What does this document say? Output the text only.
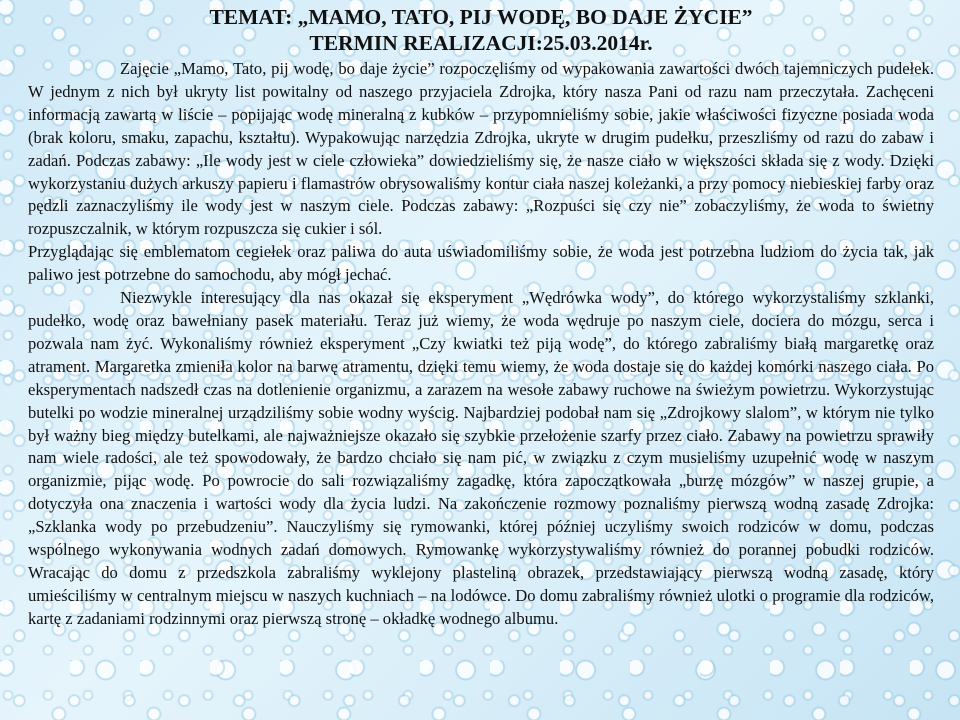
TEMAT: „MAMO, TATO, PIJ WODĘ, BO DAJE ŻYCIE”
TERMIN REALIZACJI:25.03.2014r.

Zajęcie „Mamo, Tato, pij wodę, bo daje życie” rozpoczęliśmy od wypakowania zawartości dwóch tajemniczych pudełek. W jednym z nich był ukryty list powitalny od naszego przyjaciela Zdrojka, który nasza Pani od razu nam przeczytała. Zachęceni informacją zawartą w liście – popijając wodę mineralną z kubków – przypomnieliśmy sobie, jakie właściwości fizyczne posiada woda (brak koloru, smaku, zapachu, kształtu). Wypakowując narzędzia Zdrojka, ukryte w drugim pudełku, przeszliśmy od razu do zabaw i zadań. Podczas zabawy: „Ile wody jest w ciele człowieka” dowiedzieliśmy się, że nasze ciało w większości składa się z wody. Dzięki wykorzystaniu dużych arkuszy papieru i flamastrów obrysowaliśmy kontur ciała naszej koleżanki, a przy pomocy niebieskiej farby oraz pędzli zaznaczyliśmy ile wody jest w naszym ciele. Podczas zabawy: „Rozpuści się czy nie” zobaczyliśmy, że woda to świetny rozpuszczalnik, w którym rozpuszcza się cukier i sól.

Przyglądając się emblematom cegiełek oraz paliwa do auta uświadomiliśmy sobie, że woda jest potrzebna ludziom do życia tak, jak paliwo jest potrzebne do samochodu, aby mógł jechać.

Niezwykle interesujący dla nas okazał się eksperyment „Wędrówka wody”, do którego wykorzystaliśmy szklanki, pudełko, wodę oraz bawełniany pasek materiału. Teraz już wiemy, że woda wędruje po naszym ciele, dociera do mózgu, serca i pozwala nam żyć. Wykonaliśmy również eksperyment „Czy kwiatki też piją wodę”, do którego zabraliśmy białą margaretkę oraz atrament. Margaretka zmieniła kolor na barwę atramentu, dzięki temu wiemy, że woda dostaje się do każdej komórki naszego ciała. Po eksperymentach nadszedł czas na dotlenienie organizmu, a zarazem na wesołe zabawy ruchowe na świeżym powietrzu. Wykorzystując butelki po wodzie mineralnej urządziliśmy sobie wodny wyścig. Najbardziej podobał nam się „Zdrojkowy slalom”, w którym nie tylko był ważny bieg między butelkami, ale najważniejsze okazało się szybkie przełożenie szarfy przez ciało. Zabawy na powietrzu sprawiły nam wiele radości, ale też spowodowały, że bardzo chciało się nam pić, w związku z czym musieliśmy uzupełnić wodę w naszym organizmie, pijąc wodę. Po powrocie do sali rozwiązaliśmy zagadkę, która zapoczątkowała „burzę mózgów” w naszej grupie, a dotyczyła ona znaczenia i wartości wody dla życia ludzi. Na zakończenie rozmowy poznaliśmy pierwszą wodną zasadę Zdrojka: „Szklanka wody po przebudzeniu”. Nauczyliśmy się rymowanki, której później uczyliśmy swoich rodziców w domu, podczas wspólnego wykonywania wodnych zadań domowych. Rymowankę wykorzystywaliśmy również do porannej pobudki rodziców. Wracając do domu z przedszkola zabraliśmy wyklejony plasteliną obrazek, przedstawiający pierwszą wodną zasadę, który umieściliśmy w centralnym miejscu w naszych kuchniach – na lodówce. Do domu zabraliśmy również ulotki o programie dla rodziców, kartę z zadaniami rodzinnymi oraz pierwszą stronę – okładkę wodnego albumu.
